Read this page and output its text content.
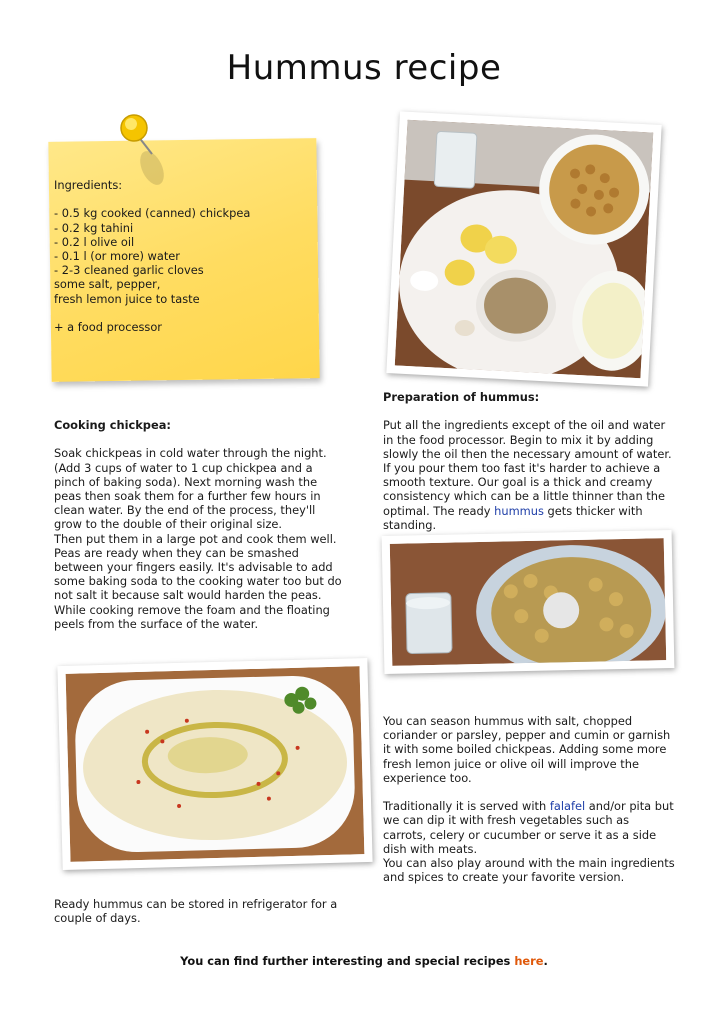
Hummus recipe
Ingredients:
- 0.5 kg cooked (canned) chickpea
- 0.2 kg tahini
- 0.2 l olive oil
- 0.1 l (or more) water
- 2-3 cleaned garlic cloves
some salt, pepper,
fresh lemon juice to taste
+ a food processor

Cooking chickpea:

Soak chickpeas in cold water through the night. (Add 3 cups of water to 1 cup chickpea and a pinch of baking soda). Next morning wash the peas then soak them for a further few hours in clean water. By the end of the process, they'll grow to the double of their original size.

Then put them in a large pot and cook them well. Peas are ready when they can be smashed between your fingers easily. It's advisable to add some baking soda to the cooking water too but do not salt it because salt would harden the peas.

While cooking remove the foam and the floating peels from the surface of the water.

Preparation of hummus:

Put all the ingredients except of the oil and water in the food processor. Begin to mix it by adding slowly the oil then the necessary amount of water. If you pour them too fast it's harder to achieve a smooth texture. Our goal is a thick and creamy consistency which can be a little thinner than the optimal. The ready hummus gets thicker with standing.

You can season hummus with salt, chopped coriander or parsley, pepper and cumin or garnish it with some boiled chickpeas. Adding some more fresh lemon juice or olive oil will improve the experience too.

Traditionally it is served with falafel and/or pita but we can dip it with fresh vegetables such as carrots, celery or cucumber or serve it as a side dish with meats.

You can also play around with the main ingredients and spices to create your favorite version.

Ready hummus can be stored in refrigerator for a couple of days.

You can find further interesting and special recipes here.
